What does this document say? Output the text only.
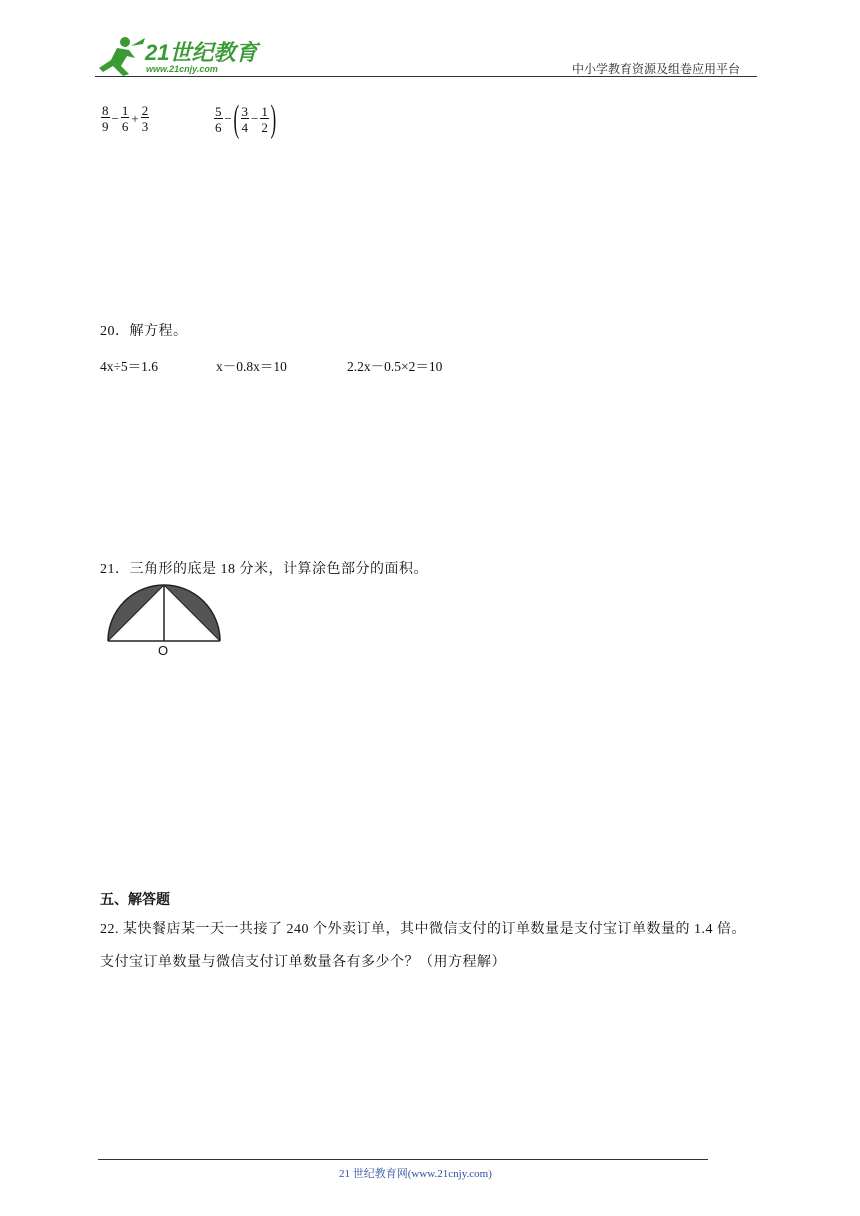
21世纪教育
www.21cnjy.com	中小学教育资源及组卷应用平台
$\frac{8}{9} - \frac{1}{6} + \frac{2}{3}$	$\frac{5}{6}$ − ( $\frac{3}{4} - \frac{1}{2}$ )
20．解方程。
4x÷5＝1.6	x－0.8x＝10	2.2x－0.5×2＝10
21．三角形的底是 18 分米，计算涂色部分的面积。
O
五、解答题
22. 某快餐店某一天一共接了 240 个外卖订单，其中微信支付的订单数量是支付宝订单数量的 1.4 倍。
支付宝订单数量与微信支付订单数量各有多少个？（用方程解）
21 世纪教育网(www.21cnjy.com)
